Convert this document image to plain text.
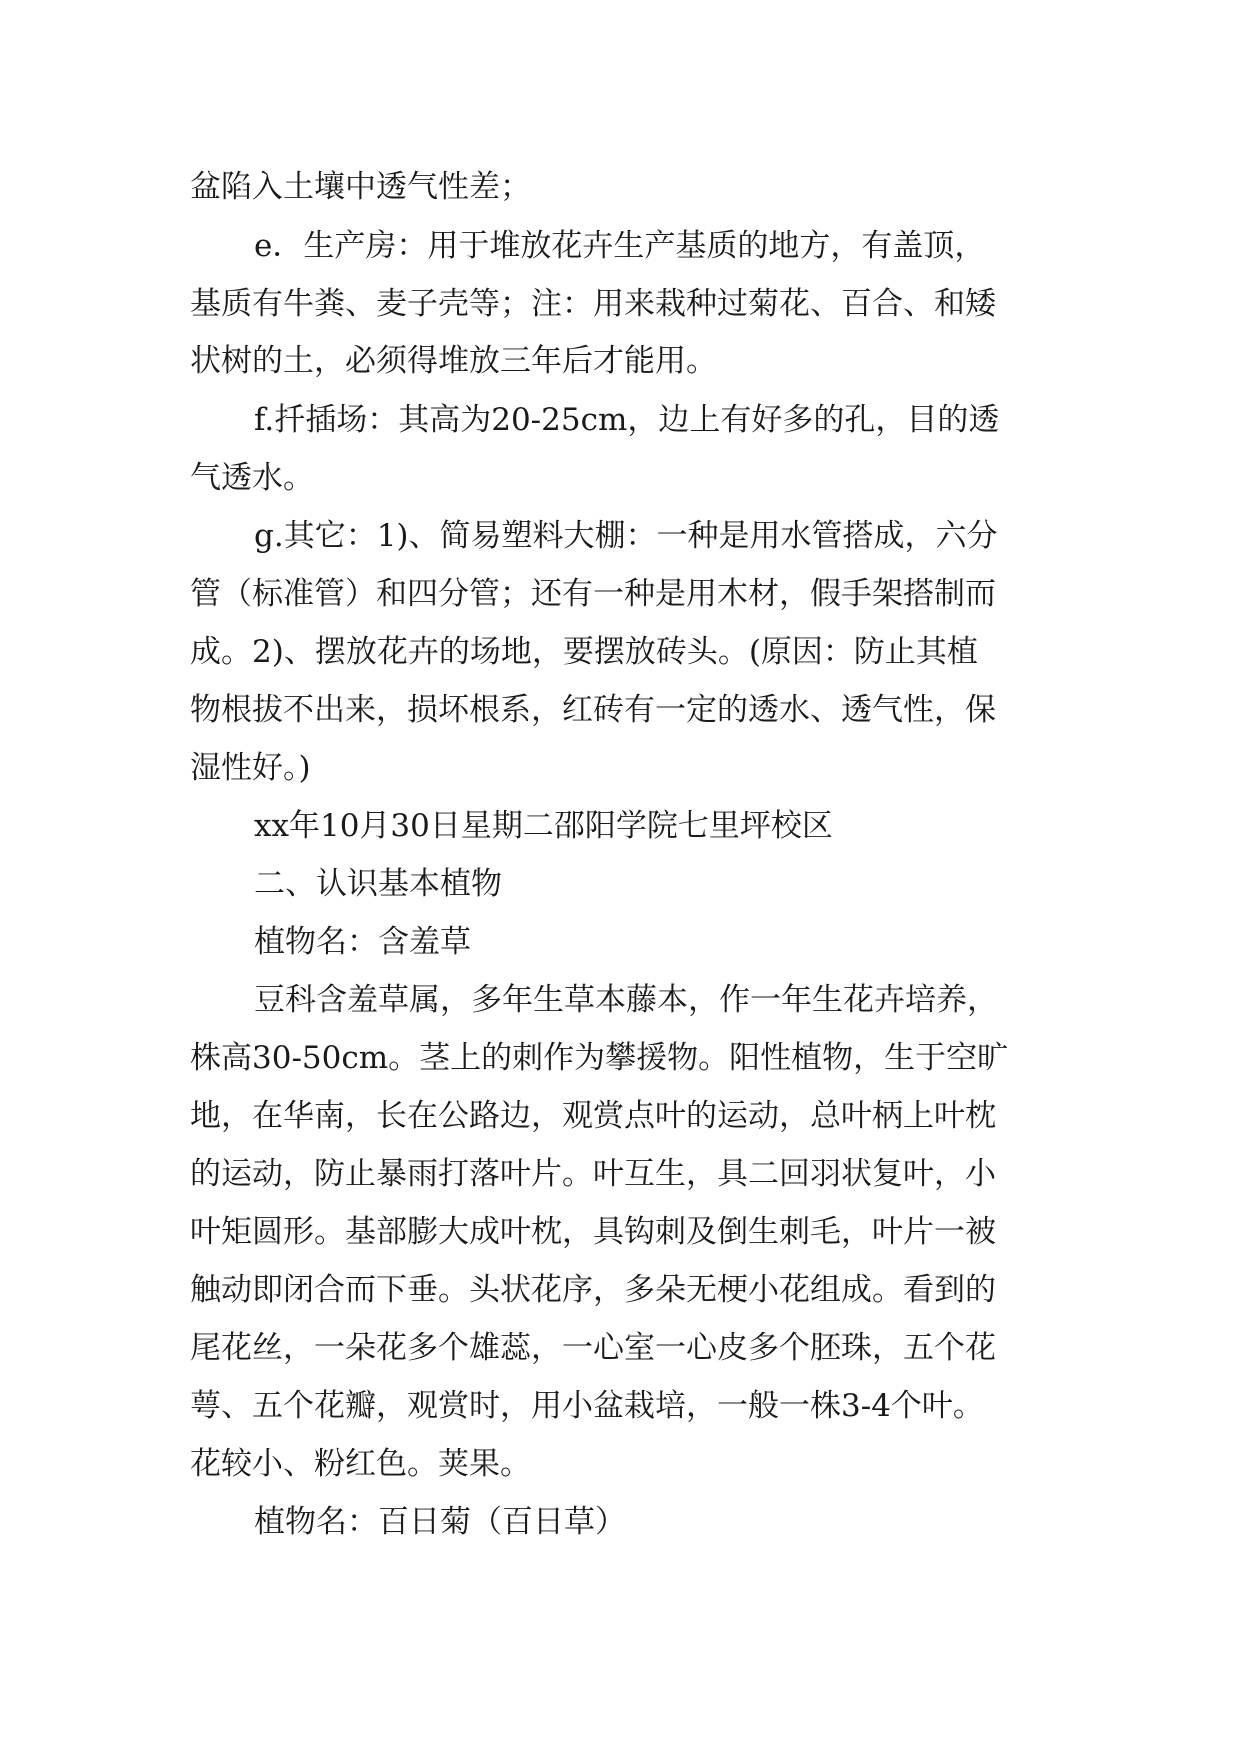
盆陷入土壤中透气性差；

e．生产房：用于堆放花卉生产基质的地方，有盖顶，

基质有牛粪、麦子壳等；注：用来栽种过菊花、百合、和矮

状树的土，必须得堆放三年后才能用。

f.扦插场：其高为20-25cm，边上有好多的孔，目的透

气透水。

g.其它：1)、简易塑料大棚：一种是用水管搭成，六分

管（标准管）和四分管；还有一种是用木材，假手架搭制而

成。2)、摆放花卉的场地，要摆放砖头。(原因：防止其植

物根拔不出来，损坏根系，红砖有一定的透水、透气性，保

湿性好。)

xx年10月30日星期二邵阳学院七里坪校区

二、认识基本植物

植物名：含羞草

豆科含羞草属，多年生草本藤本，作一年生花卉培养，

株高30-50cm。茎上的刺作为攀援物。阳性植物，生于空旷

地，在华南，长在公路边，观赏点叶的运动，总叶柄上叶枕

的运动，防止暴雨打落叶片。叶互生，具二回羽状复叶，小

叶矩圆形。基部膨大成叶枕，具钩刺及倒生刺毛，叶片一被

触动即闭合而下垂。头状花序，多朵无梗小花组成。看到的

尾花丝，一朵花多个雄蕊，一心室一心皮多个胚珠，五个花

萼、五个花瓣，观赏时，用小盆栽培，一般一株3-4个叶。

花较小、粉红色。荚果。

植物名：百日菊（百日草）
